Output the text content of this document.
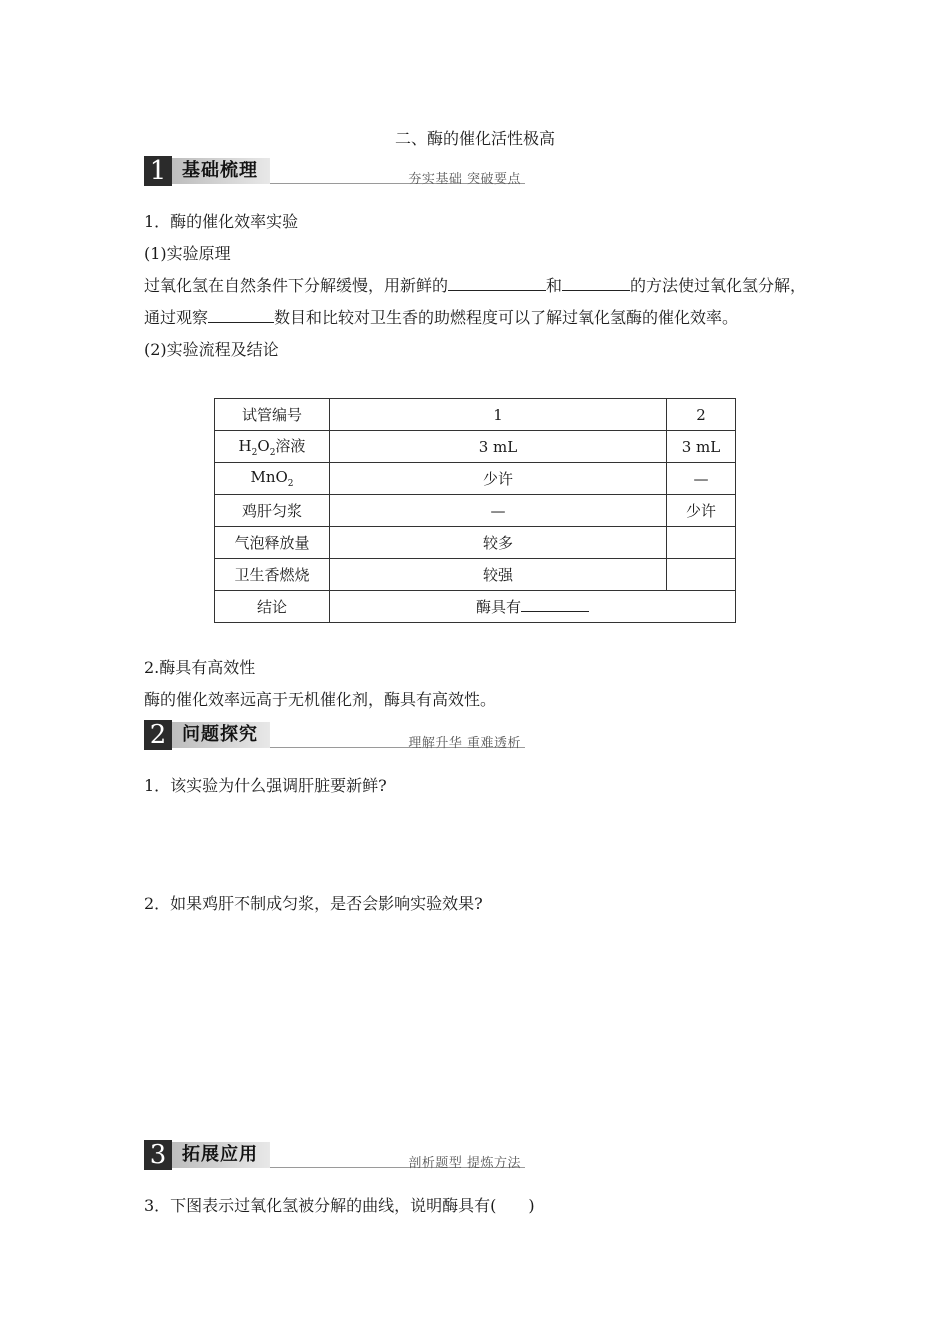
二、酶的催化活性极高
1 基础梳理	夯实基础 突破要点
1．酶的催化效率实验
(1)实验原理
过氧化氢在自然条件下分解缓慢，用新鲜的	和	的方法使过氧化氢分解，
通过观察	数目和比较对卫生香的助燃程度可以了解过氧化氢酶的催化效率。
(2)实验流程及结论
试管编号	1	2
$H_2O_2$溶液	3 mL	3 mL
MnO$_2$	少许	—
鸡肝匀浆	—	少许
气泡释放量	较多	
卫生香燃烧	较强	
结论	酶具有	
2.酶具有高效性
酶的催化效率远高于无机催化剂，酶具有高效性。
2 问题探究	理解升华 重难透析
1．该实验为什么强调肝脏要新鲜?
2．如果鸡肝不制成匀浆，是否会影响实验效果?
3 拓展应用	剖析题型 提炼方法
3．下图表示过氧化氢被分解的曲线，说明酶具有(　　)
